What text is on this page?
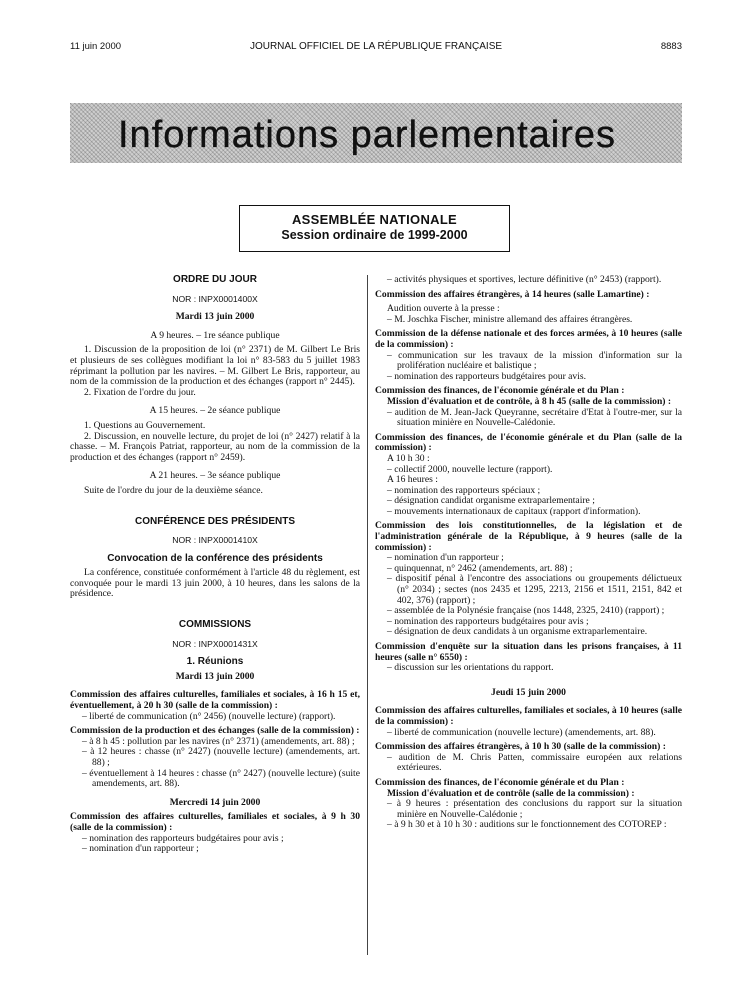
11 juin 2000	JOURNAL OFFICIEL DE LA RÉPUBLIQUE FRANÇAISE	8883
Informations parlementaires
ASSEMBLÉE NATIONALE
Session ordinaire de 1999-2000
ORDRE DU JOUR
NOR : INPX0001400X
Mardi 13 juin 2000
A 9 heures. – 1re séance publique
1. Discussion de la proposition de loi (n° 2371) de M. Gilbert Le Bris et plusieurs de ses collègues modifiant la loi n° 83-583 du 5 juillet 1983 réprimant la pollution par les navires. – M. Gilbert Le Bris, rapporteur, au nom de la commission de la production et des échanges (rapport n° 2445).
2. Fixation de l'ordre du jour.
A 15 heures. – 2e séance publique
1. Questions au Gouvernement.
2. Discussion, en nouvelle lecture, du projet de loi (n° 2427) relatif à la chasse. – M. François Patriat, rapporteur, au nom de la commission de la production et des échanges (rapport n° 2459).
A 21 heures. – 3e séance publique
Suite de l'ordre du jour de la deuxième séance.
CONFÉRENCE DES PRÉSIDENTS
NOR : INPX0001410X
Convocation de la conférence des présidents
La conférence, constituée conformément à l'article 48 du règlement, est convoquée pour le mardi 13 juin 2000, à 10 heures, dans les salons de la présidence.
COMMISSIONS
NOR : INPX0001431X
1. Réunions
Mardi 13 juin 2000
Commission des affaires culturelles, familiales et sociales, à 16 h 15 et, éventuellement, à 20 h 30 (salle de la commission) :
– liberté de communication (n° 2456) (nouvelle lecture) (rapport).
Commission de la production et des échanges (salle de la commission) :
– à 8 h 45 : pollution par les navires (n° 2371) (amendements, art. 88) ;
– à 12 heures : chasse (n° 2427) (nouvelle lecture) (amendements, art. 88) ;
– éventuellement à 14 heures : chasse (n° 2427) (nouvelle lecture) (suite amendements, art. 88).
Mercredi 14 juin 2000
Commission des affaires culturelles, familiales et sociales, à 9 h 30 (salle de la commission) :
– nomination des rapporteurs budgétaires pour avis ;
– nomination d'un rapporteur ;
– activités physiques et sportives, lecture définitive (n° 2453) (rapport).
Commission des affaires étrangères, à 14 heures (salle Lamartine) :
Audition ouverte à la presse :
– M. Joschka Fischer, ministre allemand des affaires étrangères.
Commission de la défense nationale et des forces armées, à 10 heures (salle de la commission) :
– communication sur les travaux de la mission d'information sur la prolifération nucléaire et balistique ;
– nomination des rapporteurs budgétaires pour avis.
Commission des finances, de l'économie générale et du Plan :
Mission d'évaluation et de contrôle, à 8 h 45 (salle de la commission) :
– audition de M. Jean-Jack Queyranne, secrétaire d'Etat à l'outre-mer, sur la situation minière en Nouvelle-Calédonie.
Commission des finances, de l'économie générale et du Plan (salle de la commission) :
A 10 h 30 :
– collectif 2000, nouvelle lecture (rapport).
A 16 heures :
– nomination des rapporteurs spéciaux ;
– désignation candidat organisme extraparlementaire ;
– mouvements internationaux de capitaux (rapport d'information).
Commission des lois constitutionnelles, de la législation et de l'administration générale de la République, à 9 heures (salle de la commission) :
– nomination d'un rapporteur ;
– quinquennat, n° 2462 (amendements, art. 88) ;
– dispositif pénal à l'encontre des associations ou groupements délictueux (n° 2034) ; sectes (nos 2435 et 1295, 2213, 2156 et 1511, 2151, 842 et 402, 376) (rapport) ;
– assemblée de la Polynésie française (nos 1448, 2325, 2410) (rapport) ;
– nomination des rapporteurs budgétaires pour avis ;
– désignation de deux candidats à un organisme extraparlementaire.
Commission d'enquête sur la situation dans les prisons françaises, à 11 heures (salle n° 6550) :
– discussion sur les orientations du rapport.
Jeudi 15 juin 2000
Commission des affaires culturelles, familiales et sociales, à 10 heures (salle de la commission) :
– liberté de communication (nouvelle lecture) (amendements, art. 88).
Commission des affaires étrangères, à 10 h 30 (salle de la commission) :
– audition de M. Chris Patten, commissaire européen aux relations extérieures.
Commission des finances, de l'économie générale et du Plan :
Mission d'évaluation et de contrôle (salle de la commission) :
– à 9 heures : présentation des conclusions du rapport sur la situation minière en Nouvelle-Calédonie ;
– à 9 h 30 et à 10 h 30 : auditions sur le fonctionnement des COTOREP :
